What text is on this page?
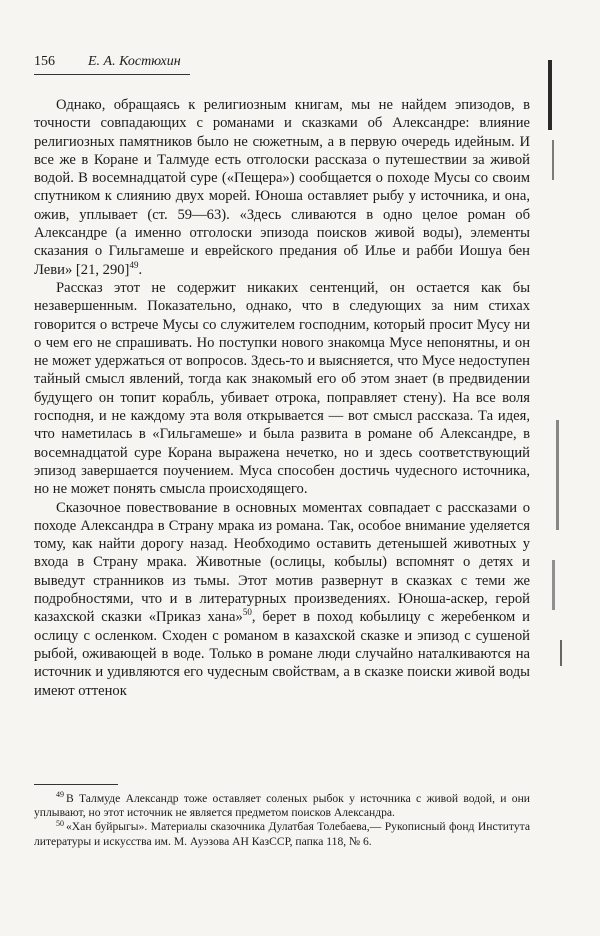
156 Е. А. Костюхин

Однако, обращаясь к религиозным книгам, мы не найдем эпизодов, в точности совпадающих с романами и сказками об Александре: влияние религиозных памятников было не сюжетным, а в первую очередь идейным. И все же в Коране и Талмуде есть отголоски рассказа о путешествии за живой водой. В восемнадцатой суре («Пещера») сообщается о походе Мусы со своим спутником к слиянию двух морей. Юноша оставляет рыбу у источника, и она, ожив, уплывает (ст. 59—63). «Здесь сливаются в одно целое роман об Александре (а именно отголоски эпизода поисков живой воды), элементы сказания о Гильгамеше и еврейского предания об Илье и рабби Иошуа бен Леви» [21, 290]$^{49}$.

Рассказ этот не содержит никаких сентенций, он остается как бы незавершенным. Показательно, однако, что в следующих за ним стихах говорится о встрече Мусы со служителем господним, который просит Мусу ни о чем его не спрашивать. Но поступки нового знакомца Мусе непонятны, и он не может удержаться от вопросов. Здесь-то и выясняется, что Мусе недоступен тайный смысл явлений, тогда как знакомый его об этом знает (в предвидении будущего он топит корабль, убивает отрока, поправляет стену). На все воля господня, и не каждому эта воля открывается — вот смысл рассказа. Та идея, что наметилась в «Гильгамеше» и была развита в романе об Александре, в восемнадцатой суре Корана выражена нечетко, но и здесь соответствующий эпизод завершается поучением. Муса способен достичь чудесного источника, но не может понять смысла происходящего.

Сказочное повествование в основных моментах совпадает с рассказами о походе Александра в Страну мрака из романа. Так, особое внимание уделяется тому, как найти дорогу назад. Необходимо оставить детенышей животных у входа в Страну мрака. Животные (ослицы, кобылы) вспомнят о детях и выведут странников из тьмы. Этот мотив развернут в сказках с теми же подробностями, что и в литературных произведениях. Юноша-аскер, герой казахской сказки «Приказ хана»$^{50}$, берет в поход кобылицу с жеребенком и ослицу с осленком. Сходен с романом в казахской сказке и эпизод с сушеной рыбой, оживающей в воде. Только в романе люди случайно наталкиваются на источник и удивляются его чудесным свойствам, а в сказке поиски живой воды имеют оттенок

$^{49}$ В Талмуде Александр тоже оставляет соленых рыбок у источника с живой водой, и они уплывают, но этот источник не является предметом поисков Александра.

$^{50}$ «Хан буйрыгы». Материалы сказочника Дулатбая Толебаева,— Рукописный фонд Института литературы и искусства им. М. Ауэзова АН КазССР, папка 118, № 6.
